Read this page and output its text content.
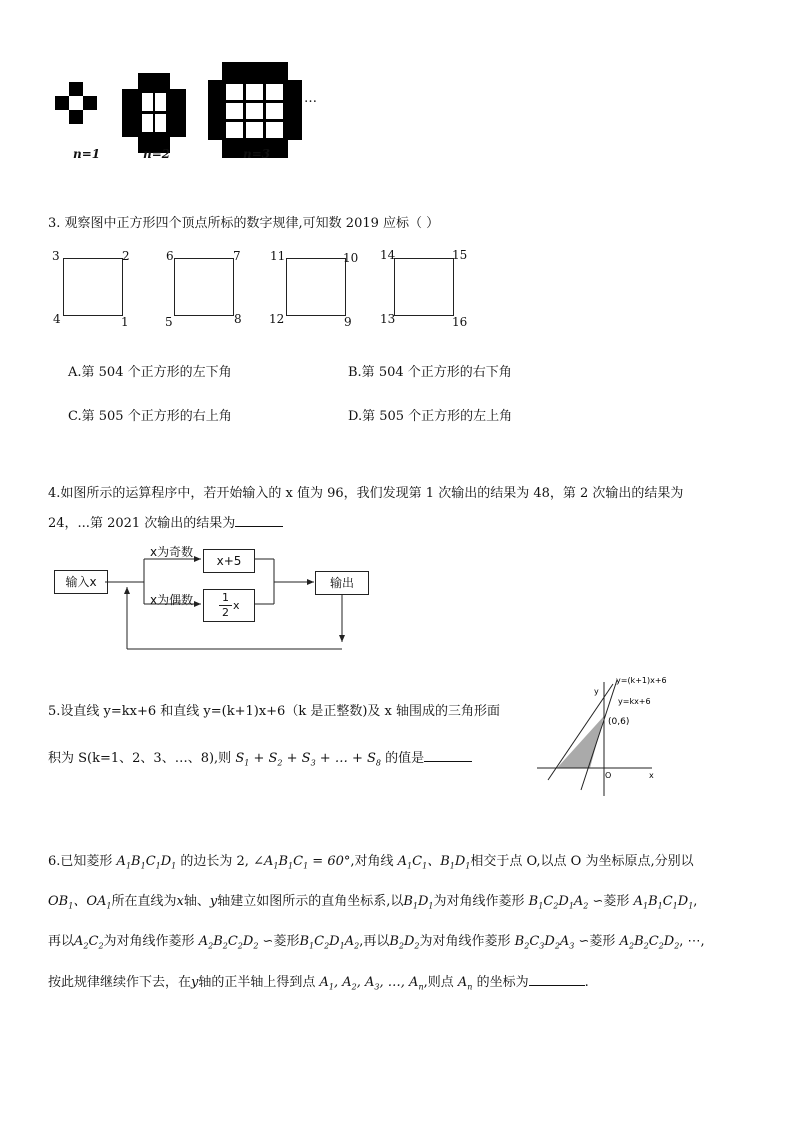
n=1	n=2	n=3
…
3. 观察图中正方形四个顶点所标的数字规律,可知数 2019 应标（ ）
3	2
4	1
6	7
5	8
11	10
12	9
14	15
13	16
A.第 504 个正方形的左下角	B.第 504 个正方形的右下角
C.第 505 个正方形的右上角	D.第 505 个正方形的左上角
4.如图所示的运算程序中，若开始输入的 x 值为 96，我们发现第 1 次输出的结果为 48，第 2 次输出的结果为
24，...第 2021 次输出的结果为
输入x
x为奇数
x为偶数
x+5
1
2
x
输出
5.设直线 y=kx+6 和直线 y=(k+1)x+6（k 是正整数)及 x 轴围成的三角形面
积为 S(k=1、2、3、…、8),则 $S_1 + S_2 + S_3$ + … + $S_8$ 的值是
y
y=(k+1)x+6
y=kx+6
(0,6)
x
O
6.已知菱形 $A_1B_1C_1D_1$ 的边长为 2, $\angle A_1B_1C_1 = 60^\circ$,对角线 $A_1C_1$、$B_1D_1$相交于点 O,以点 O 为坐标原点,分别以
$OB_1$、$OA_1$所在直线为x轴、y轴建立如图所示的直角坐标系,以$B_1D_1$为对角线作菱形 $B_1C_2D_1A_2$ ∽菱形 $A_1B_1C_1D_1$,
再以$A_2C_2$为对角线作菱形 $A_2B_2C_2D_2$ ∽菱形$B_1C_2D_1A_2$,再以$B_2D_2$为对角线作菱形 $B_2C_3D_2A_3$ ∽菱形 $A_2B_2C_2D_2$, ⋯,
按此规律继续作下去，在y轴的正半轴上得到点 $A_1$, $A_2$, $A_3$, …, $A_n$,则点 $A_n$ 的坐标为	.
